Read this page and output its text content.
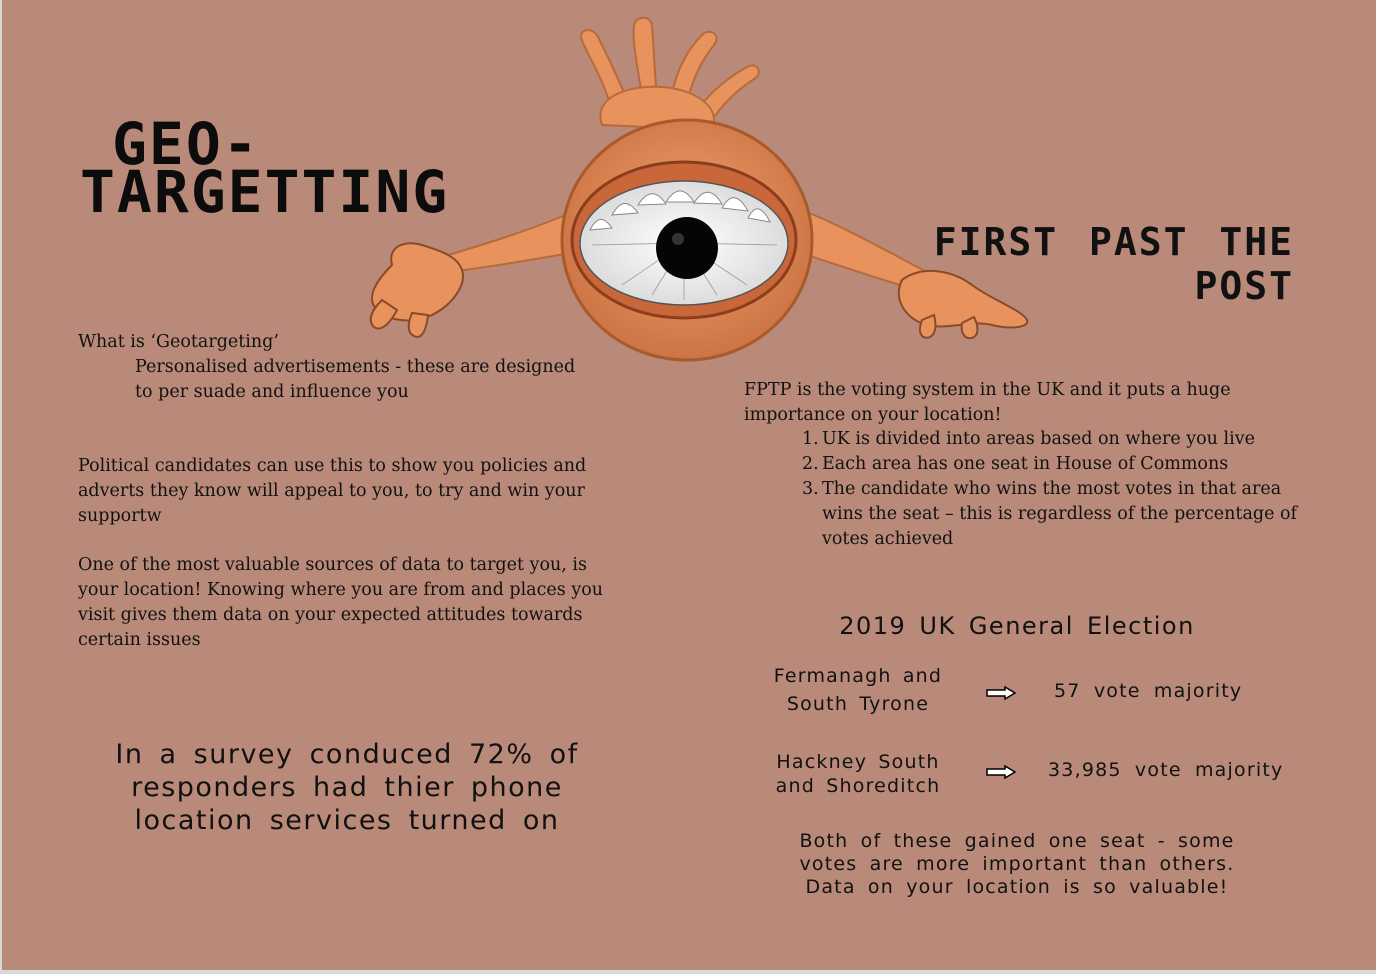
GEO-
TARGETTING
FIRST PAST THE
POST
What is ‘Geotargeting’
Personalised advertisements - these are designed to per suade and influence you
Political candidates can use this to show you policies and adverts they know will appeal to you, to try and win your supportw
One of the most valuable sources of data to target you, is your location! Knowing where you are from and places you visit gives them data on your expected attitudes towards certain issues
In a survey conduced 72% of responders had thier phone location services turned on
FPTP is the voting system in the UK and it puts a huge importance on your location!
1. UK is divided into areas based on where you live
2. Each area has one seat in House of Commons
3. The candidate who wins the most votes in that area wins the seat – this is regardless of the percentage of votes achieved
2019 UK General Election
Fermanagh and
South Tyrone
57 vote majority
Hackney South
and Shoreditch
33,985 vote majority
Both of these gained one seat - some
votes are more important than others.
Data on your location is so valuable!
